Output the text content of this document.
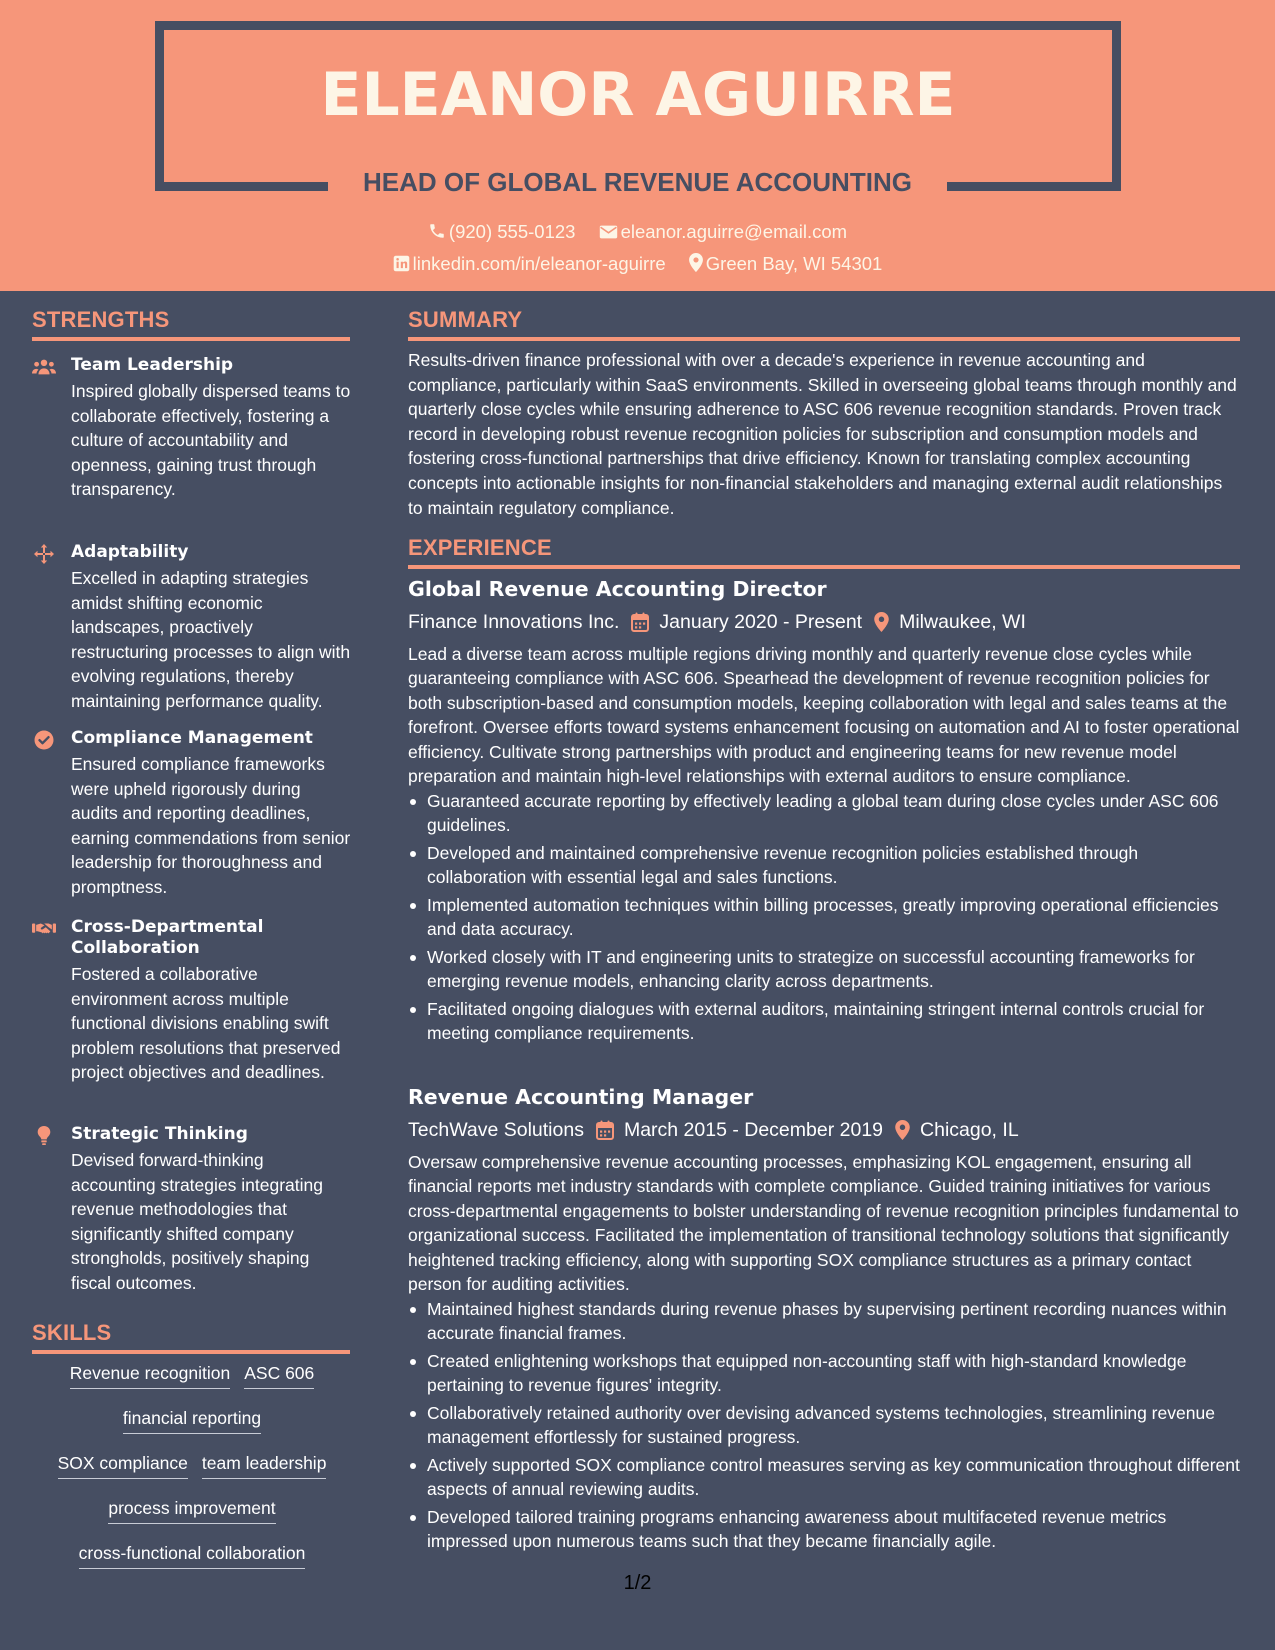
ELEANOR AGUIRRE
HEAD OF GLOBAL REVENUE ACCOUNTING
(920) 555-0123 eleanor.aguirre@email.com
linkedin.com/in/eleanor-aguirre Green Bay, WI 54301
STRENGTHS
Team Leadership
Inspired globally dispersed teams to collaborate effectively, fostering a culture of accountability and openness, gaining trust through transparency.
Adaptability
Excelled in adapting strategies amidst shifting economic landscapes, proactively restructuring processes to align with evolving regulations, thereby maintaining performance quality.
Compliance Management
Ensured compliance frameworks were upheld rigorously during audits and reporting deadlines, earning commendations from senior leadership for thoroughness and promptness.
Cross-Departmental Collaboration
Fostered a collaborative environment across multiple functional divisions enabling swift problem resolutions that preserved project objectives and deadlines.
Strategic Thinking
Devised forward-thinking accounting strategies integrating revenue methodologies that significantly shifted company strongholds, positively shaping fiscal outcomes.
SKILLS
Revenue recognition ASC 606
financial reporting
SOX compliance team leadership
process improvement
cross-functional collaboration
SUMMARY
Results-driven finance professional with over a decade's experience in revenue accounting and compliance, particularly within SaaS environments. Skilled in overseeing global teams through monthly and quarterly close cycles while ensuring adherence to ASC 606 revenue recognition standards. Proven track record in developing robust revenue recognition policies for subscription and consumption models and fostering cross-functional partnerships that drive efficiency. Known for translating complex accounting concepts into actionable insights for non-financial stakeholders and managing external audit relationships to maintain regulatory compliance.
EXPERIENCE
Global Revenue Accounting Director
Finance Innovations Inc. January 2020 - Present Milwaukee, WI
Lead a diverse team across multiple regions driving monthly and quarterly revenue close cycles while guaranteeing compliance with ASC 606. Spearhead the development of revenue recognition policies for both subscription-based and consumption models, keeping collaboration with legal and sales teams at the forefront. Oversee efforts toward systems enhancement focusing on automation and AI to foster operational efficiency. Cultivate strong partnerships with product and engineering teams for new revenue model preparation and maintain high-level relationships with external auditors to ensure compliance.
Guaranteed accurate reporting by effectively leading a global team during close cycles under ASC 606 guidelines.
Developed and maintained comprehensive revenue recognition policies established through collaboration with essential legal and sales functions.
Implemented automation techniques within billing processes, greatly improving operational efficiencies and data accuracy.
Worked closely with IT and engineering units to strategize on successful accounting frameworks for emerging revenue models, enhancing clarity across departments.
Facilitated ongoing dialogues with external auditors, maintaining stringent internal controls crucial for meeting compliance requirements.
Revenue Accounting Manager
TechWave Solutions March 2015 - December 2019 Chicago, IL
Oversaw comprehensive revenue accounting processes, emphasizing KOL engagement, ensuring all financial reports met industry standards with complete compliance. Guided training initiatives for various cross-departmental engagements to bolster understanding of revenue recognition principles fundamental to organizational success. Facilitated the implementation of transitional technology solutions that significantly heightened tracking efficiency, along with supporting SOX compliance structures as a primary contact person for auditing activities.
Maintained highest standards during revenue phases by supervising pertinent recording nuances within accurate financial frames.
Created enlightening workshops that equipped non-accounting staff with high-standard knowledge pertaining to revenue figures' integrity.
Collaboratively retained authority over devising advanced systems technologies, streamlining revenue management effortlessly for sustained progress.
Actively supported SOX compliance control measures serving as key communication throughout different aspects of annual reviewing audits.
Developed tailored training programs enhancing awareness about multifaceted revenue metrics impressed upon numerous teams such that they became financially agile.
1/2
